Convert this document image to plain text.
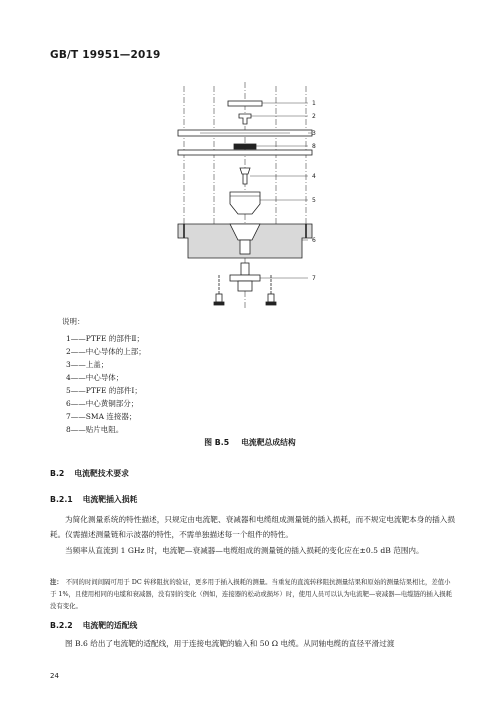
GB/T 19951—2019
1
2
3
8
4
5
6
7
说明：
1——PTFE 的部件Ⅱ；
2——中心导体的上部；
3——上盖；
4——中心导体；
5——PTFE 的部件Ⅰ；
6——中心黄铜部分；
7——SMA 连接器；
8——贴片电阻。
图 B.5 电流靶总成结构
B.2 电流靶技术要求
B.2.1 电流靶插入损耗
为简化测量系统的特性描述，只规定由电流靶、衰减器和电缆组成测量链的插入损耗，而不规定电流靶本身的插入损耗。仪需描述测量链和示波器的特性，不需单独描述每一个组件的特性。
当频率从直流到 1 GHz 时，电流靶—衰减器—电缆组成的测量链的插入损耗的变化应在±0.5 dB 范围内。
注： 不同的时间间隔可用于 DC 转移阻抗的验证，更多用于插入损耗的测量。当重复的直流转移阻抗测量结果和原始的测量结果相比，差值小于 1%，且使用相同的电缆和衰减器，没有别的变化（例如，连接器的松动或损坏）时，使用人员可以认为电流靶—衰减器—电缆链的插入损耗没有变化。
B.2.2 电流靶的适配线
图 B.6 给出了电流靶的适配线，用于连接电流靶的输入和 50 Ω 电缆。从同轴电缆的直径平滑过渡
24
